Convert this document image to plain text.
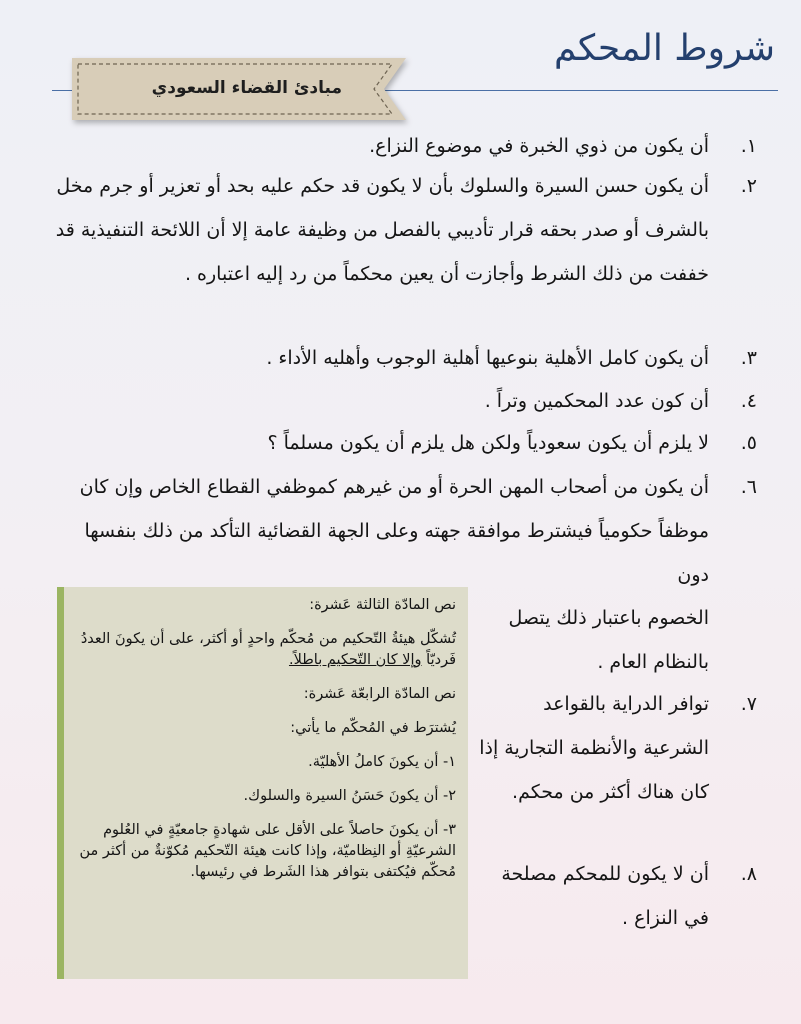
شروط المحكم
مبادئ القضاء السعودي
١.
أن يكون من ذوي الخبرة في موضوع النزاع.
٢.
أن يكون حسن السيرة والسلوك بأن لا يكون قد حكم عليه بحد أو تعزير أو جرم مخل بالشرف أو صدر بحقه قرار تأديبي بالفصل من وظيفة عامة إلا أن اللائحة التنفيذية قد خففت من ذلك الشرط وأجازت أن يعين محكماً من رد إليه اعتباره .
٣.
أن يكون كامل الأهلية بنوعيها أهلية الوجوب وأهليه الأداء .
٤.
أن كون عدد المحكمين وتراً .
٥.
لا يلزم أن يكون سعودياً ولكن هل يلزم أن يكون مسلماً ؟
٦.
أن يكون من أصحاب المهن الحرة أو من غيرهم كموظفي القطاع الخاص وإن كان موظفاً حكومياً فيشترط موافقة جهته وعلى الجهة القضائية التأكد من ذلك بنفسها دون
الخصوم باعتبار ذلك يتصل بالنظام العام .
٧.
توافر الدراية بالقواعد الشرعية والأنظمة التجارية إذا كان هناك أكثر من محكم.
٨.
أن لا يكون للمحكم مصلحة في النزاع .

نص المادّة الثالثة عَشرة:

تُشكّل هيئةُ التّحكيم من مُحكّم واحدٍ أو أكثر، على أن يكونَ العددُ فَرديّاً وإلا كان التّحكيم باطلاً.

نص المادّة الرابعّة عَشرة:

يُشترَط في المُحكّم ما يأتي:

١- أن يكونَ كاملُ الأهليّة.

٢- أن يكونَ حَسَنُ السيرة والسلوك.

٣- أن يكونَ حاصلاً على الأقل على شهادةٍ جامعيّةٍ في العُلوم الشرعيّةِ أو النِظاميّة، وإذا كانت هيئة التّحكيم مُكوّنةٌ من أكثر من مُحكّم فيُكتفى بتوافر هذا الشَرط في رئيسها.
